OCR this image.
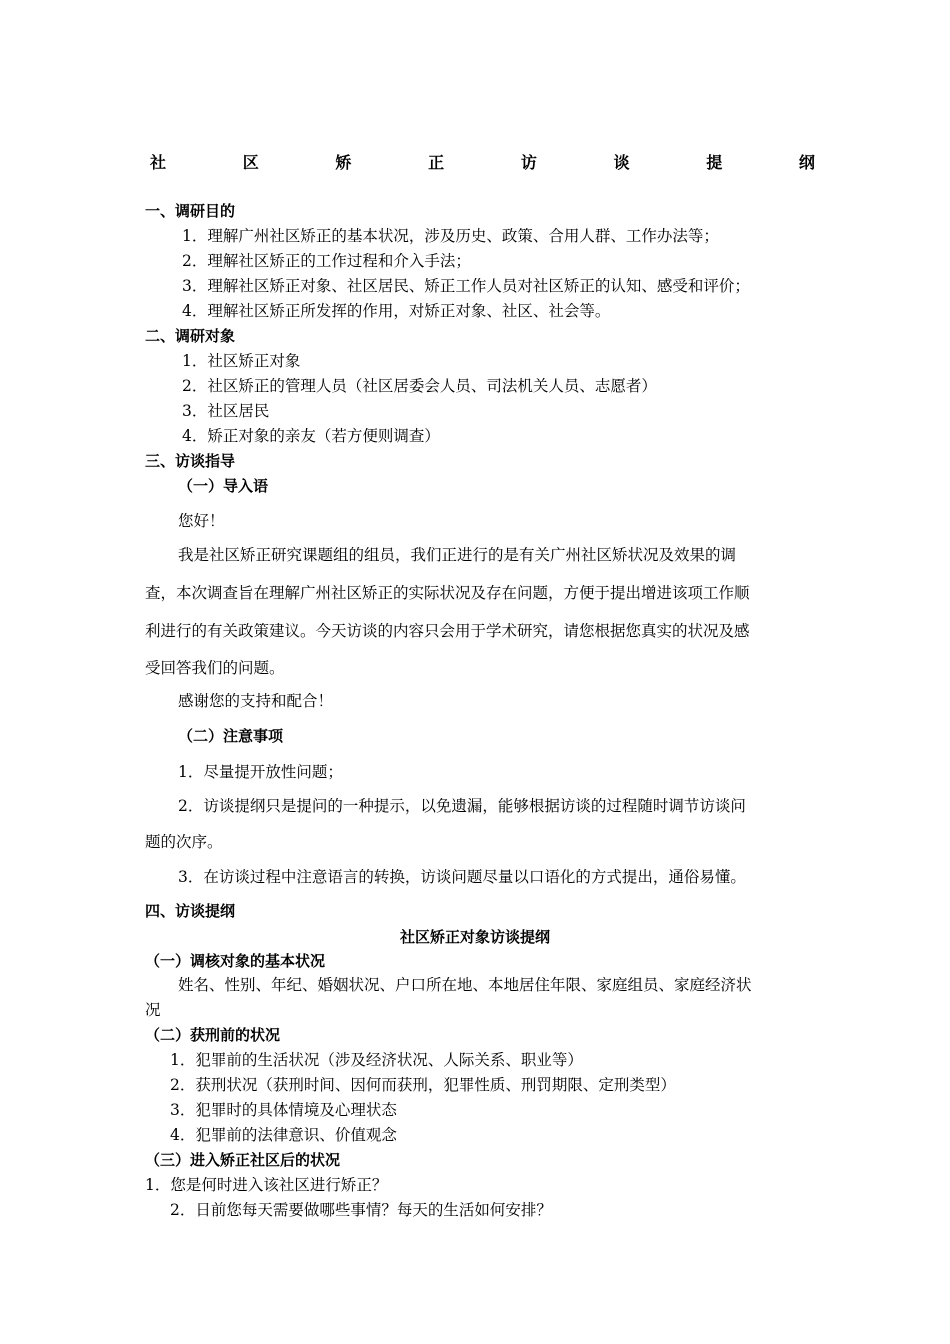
社	区	矫	正	访	谈	提	纲
一、调研目的
1．理解广州社区矫正的基本状况，涉及历史、政策、合用人群、工作办法等；
2．理解社区矫正的工作过程和介入手法；
3．理解社区矫正对象、社区居民、矫正工作人员对社区矫正的认知、感受和评价；
4．理解社区矫正所发挥的作用，对矫正对象、社区、社会等。
二、调研对象
1．社区矫正对象
2．社区矫正的管理人员（社区居委会人员、司法机关人员、志愿者）
3．社区居民
4．矫正对象的亲友（若方便则调查）
三、访谈指导
（一）导入语
您好！
我是社区矫正研究课题组的组员，我们正进行的是有关广州社区矫状况及效果的调
查，本次调查旨在理解广州社区矫正的实际状况及存在问题，方便于提出增进该项工作顺
利进行的有关政策建议。今天访谈的内容只会用于学术研究，请您根据您真实的状况及感
受回答我们的问题。
感谢您的支持和配合！
（二）注意事项
1．尽量提开放性问题；
2．访谈提纲只是提问的一种提示，以免遗漏，能够根据访谈的过程随时调节访谈问
题的次序。
3．在访谈过程中注意语言的转换，访谈问题尽量以口语化的方式提出，通俗易懂。
四、访谈提纲
社区矫正对象访谈提纲
（一）调核对象的基本状况
姓名、性别、年纪、婚姻状况、户口所在地、本地居住年限、家庭组员、家庭经济状
况
（二）获刑前的状况
1．犯罪前的生活状况（涉及经济状况、人际关系、职业等）
2．获刑状况（获刑时间、因何而获刑，犯罪性质、刑罚期限、定刑类型）
3．犯罪时的具体情境及心理状态
4．犯罪前的法律意识、价值观念
（三）进入矫正社区后的状况
1．您是何时进入该社区进行矫正？
2．日前您每天需要做哪些事情？每天的生活如何安排？
